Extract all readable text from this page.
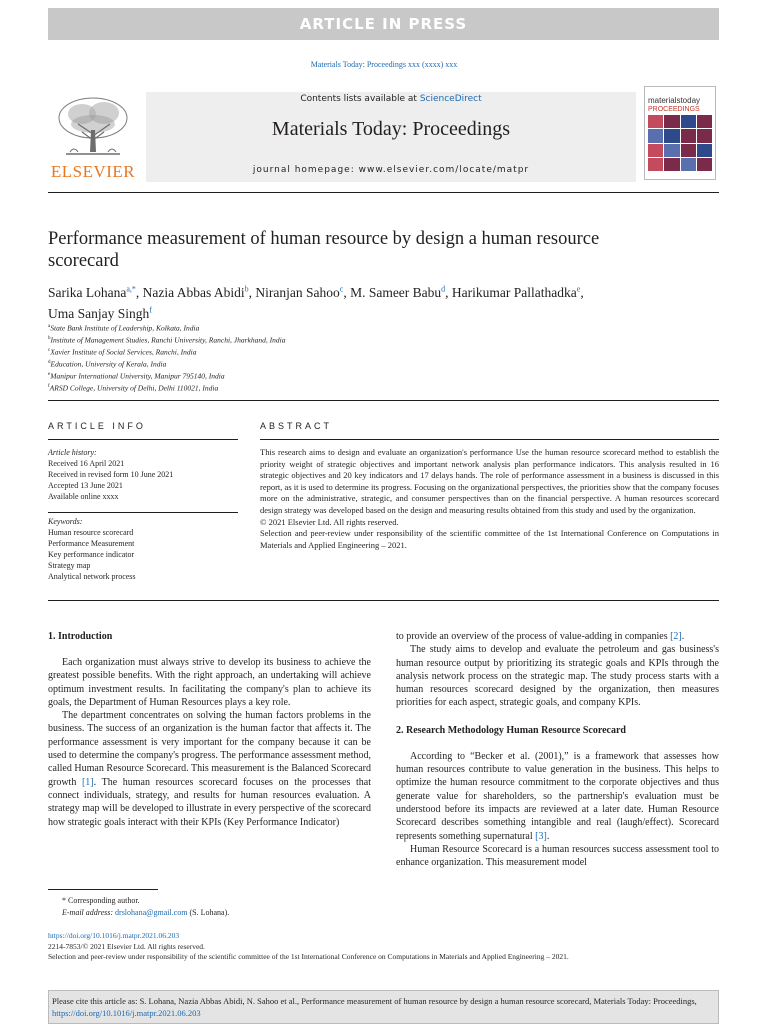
ARTICLE IN PRESS
Materials Today: Proceedings xxx (xxxx) xxx
ELSEVIER
Contents lists available at ScienceDirect
Materials Today: Proceedings
journal homepage: www.elsevier.com/locate/matpr
materialstoday
PROCEEDINGS
Performance measurement of human resource by design a human resource scorecard
Sarika Lohana$^{a,*}$, Nazia Abbas Abidi$^b$, Niranjan Sahoo$^c$, M. Sameer Babu$^d$, Harikumar Pallathadka$^e$,
Uma Sanjay Singh$^f$
$^a$State Bank Institute of Leadership, Kolkata, India
$^b$Institute of Management Studies, Ranchi University, Ranchi, Jharkhand, India
$^c$Xavier Institute of Social Services, Ranchi, India
$^d$Education, University of Kerala, India
$^e$Manipur International University, Manipur 795140, India
$^f$ARSD College, University of Delhi, Delhi 110021, India
ARTICLE INFO	ABSTRACT
Article history:
Received 16 April 2021
Received in revised form 10 June 2021
Accepted 13 June 2021
Available online xxxx
Keywords:
Human resource scorecard
Performance Measurement
Key performance indicator
Strategy map
Analytical network process
This research aims to design and evaluate an organization's performance Use the human resource scorecard method to establish the priority weight of strategic objectives and important network analysis plan performance indicators. This analysis resulted in 16 strategic objectives and 20 key indicators and 17 delays hands. The role of performance assessment in a business is discussed in this report, as it is used to determine its progress. Focusing on the organizational perspectives, the priorities show that the company focuses more on the administrative, strategic, and consumer perspectives than on the financial perspective. A human resources scorecard design strategy was developed based on the design and measuring results obtained from this study and used by the organization.
© 2021 Elsevier Ltd. All rights reserved.
Selection and peer-review under responsibility of the scientific committee of the 1st International Conference on Computations in Materials and Applied Engineering – 2021.
1. Introduction

Each organization must always strive to develop its business to achieve the greatest possible benefits. With the right approach, an undertaking will achieve optimum investment results. In facilitating the company's plan to achieve its goals, the Department of Human Resources plays a key role.

The department concentrates on solving the human factors problems in the business. The success of an organization is the human factor that affects it. The performance assessment is very important for the company because it can be used to determine the company's progress. The performance assessment method, called Human Resource Scorecard. This measurement is the Balanced Scorecard growth [1]. The human resources scorecard focuses on the processes that connect individuals, strategy, and results for human resources evaluation. A strategy map will be developed to illustrate in every perspective of the scorecard how strategic goals interact with their KPIs (Key Performance Indicator)

to provide an overview of the process of value-adding in companies [2].

The study aims to develop and evaluate the petroleum and gas business's human resource output by prioritizing its strategic goals and KPIs through the analysis network process on the strategic map. The study process starts with a human resources scorecard designed by the organization, then measures priorities for each aspect, strategic goals, and company KPIs.

2. Research Methodology Human Resource Scorecard

According to “Becker et al. (2001),” is a framework that assesses how human resources contribute to value generation in the business. This helps to optimize the human resource commitment to the corporate objectives and thus generate value for shareholders, so the partnership's evaluation must be understood before its impacts are reviewed at a later date. Human Resource Scorecard describes something intangible and real (laugh/effect). Scorecard represents something supernatural [3].

Human Resource Scorecard is a human resources success assessment tool to enhance organization. This measurement model

* Corresponding author.
E-mail address: drslohana@gmail.com (S. Lohana).
https://doi.org/10.1016/j.matpr.2021.06.203
2214-7853/© 2021 Elsevier Ltd. All rights reserved.
Selection and peer-review under responsibility of the scientific committee of the 1st International Conference on Computations in Materials and Applied Engineering – 2021.
Please cite this article as: S. Lohana, Nazia Abbas Abidi, N. Sahoo et al., Performance measurement of human resource by design a human resource scorecard, Materials Today: Proceedings, https://doi.org/10.1016/j.matpr.2021.06.203
